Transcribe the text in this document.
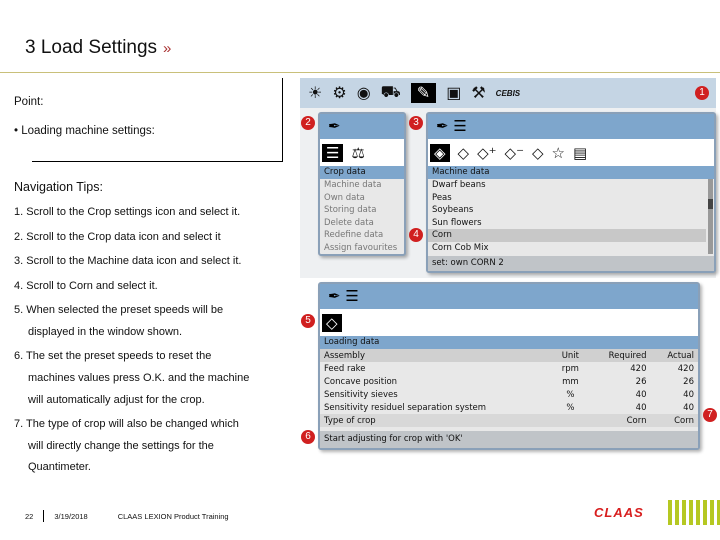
3 Load Settings »
Point:
• Loading machine settings:
Navigation Tips:
1. Scroll to the Crop settings icon and select it.
2. Scroll to the Crop data icon and select it
3. Scroll to the Machine data icon and select it.
4. Scroll to Corn and select it.
5. When selected the preset speeds will be
displayed in the window shown.
6. The set the preset speeds to reset the
machines values press O.K. and the machine
will automatically adjust for the crop.
7. The type of crop will also be changed which
will directly change the settings for the
Quantimeter.
☀ ⚙ ◉ ⛟	✎	▣ ⚒ CEBIS
✒
☰ ⚖
Crop data
Machine data
Own data
Storing data
Delete data
Redefine data
Assign favourites
✒ ☰
◈ ◇ ◇⁺ ◇⁻ ◇ ☆ ▤
Machine data
Dwarf beans
Peas
Soybeans
Sun flowers
Corn
Corn Cob Mix
set: own CORN 2
✒ ☰
◇
Loading data
Assembly	Unit	Required	Actual
Feed rake	rpm	420	420
Concave position	mm	26	26
Sensitivity sieves	%	40	40
Sensitivity residuel separation system	%	40	40
Type of crop		Corn	Corn
Start adjusting for crop with 'OK'
1
2	3
4
5
6
7
22	3/19/2018	CLAAS LEXION Product Training	CLAAS
